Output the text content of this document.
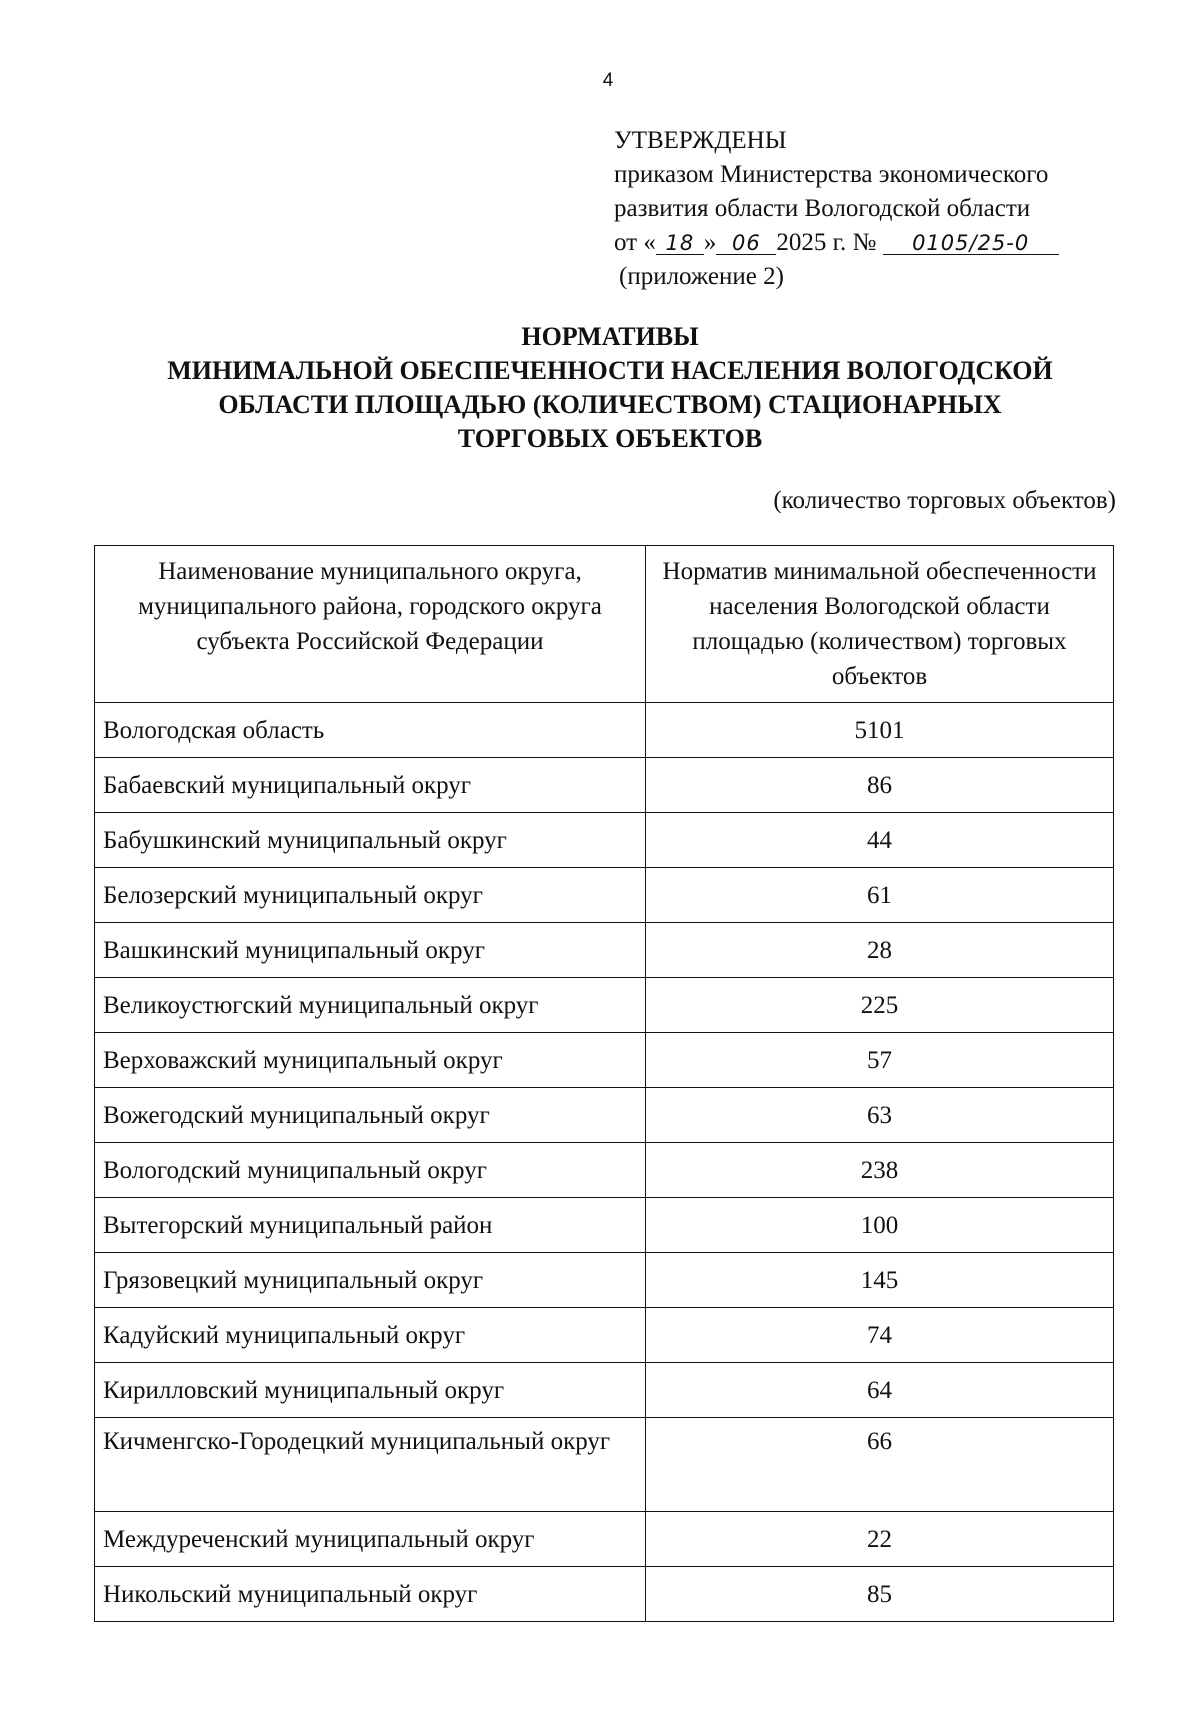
4
УТВЕРЖДЕНЫ
приказом Министерства экономического
развития области Вологодской области
от « 18 » 06 2025 г. № 0105/25-0
(приложение 2)
НОРМАТИВЫ
МИНИМАЛЬНОЙ ОБЕСПЕЧЕННОСТИ НАСЕЛЕНИЯ ВОЛОГОДСКОЙ
ОБЛАСТИ ПЛОЩАДЬЮ (КОЛИЧЕСТВОМ) СТАЦИОНАРНЫХ
ТОРГОВЫХ ОБЪЕКТОВ
(количество торговых объектов)
Наименование муниципального округа, муниципального района, городского округа субъекта Российской Федерации	Норматив минимальной обеспеченности населения Вологодской области площадью (количеством) торговых объектов
Вологодская область	5101
Бабаевский муниципальный округ	86
Бабушкинский муниципальный округ	44
Белозерский муниципальный округ	61
Вашкинский муниципальный округ	28
Великоустюгский муниципальный округ	225
Верховажский муниципальный округ	57
Вожегодский муниципальный округ	63
Вологодский муниципальный округ	238
Вытегорский муниципальный район	100
Грязовецкий муниципальный округ	145
Кадуйский муниципальный округ	74
Кирилловский муниципальный округ	64
Кичменгско-Городецкий муниципальный округ	66
Междуреченский муниципальный округ	22
Никольский муниципальный округ	85
